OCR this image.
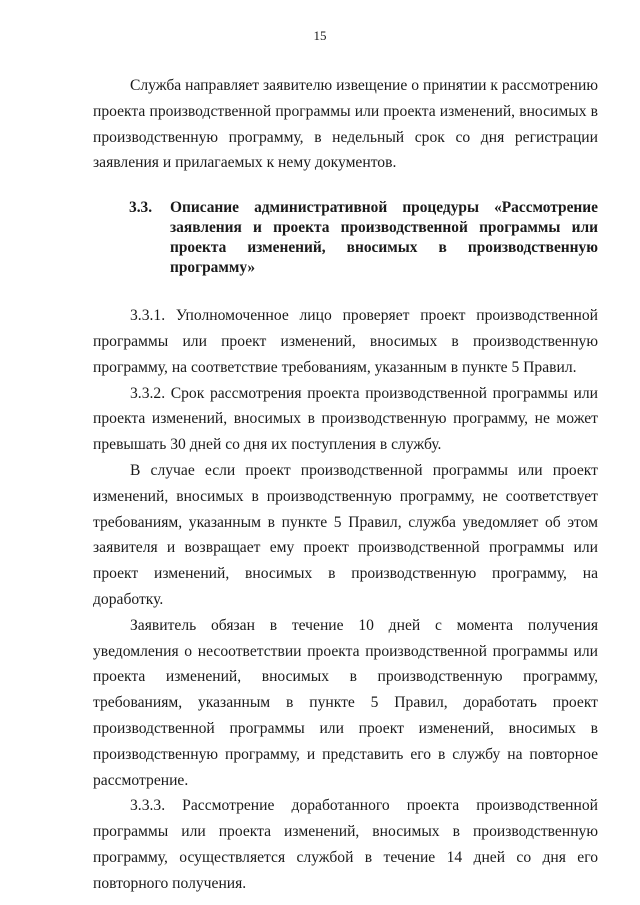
15

Служба направляет заявителю извещение о принятии к рассмотрению проекта производственной программы или проекта изменений, вносимых в производственную программу, в недельный срок со дня регистрации заявления и прилагаемых к нему документов.

3.3. Описание административной процедуры «Рассмотрение заявления и проекта производственной программы или проекта изменений, вносимых в производственную программу»

3.3.1. Уполномоченное лицо проверяет проект производственной программы или проект изменений, вносимых в производственную программу, на соответствие требованиям, указанным в пункте 5 Правил.

3.3.2. Срок рассмотрения проекта производственной программы или проекта изменений, вносимых в производственную программу, не может превышать 30 дней со дня их поступления в службу.

В случае если проект производственной программы или проект изменений, вносимых в производственную программу, не соответствует требованиям, указанным в пункте 5 Правил, служба уведомляет об этом заявителя и возвращает ему проект производственной программы или проект изменений, вносимых в производственную программу, на доработку.

Заявитель обязан в течение 10 дней с момента получения уведомления о несоответствии проекта производственной программы или проекта изменений, вносимых в производственную программу, требованиям, указанным в пункте 5 Правил, доработать проект производственной программы или проект изменений, вносимых в производственную программу, и представить его в службу на повторное рассмотрение.

3.3.3. Рассмотрение доработанного проекта производственной программы или проекта изменений, вносимых в производственную программу, осуществляется службой в течение 14 дней со дня его повторного получения.
